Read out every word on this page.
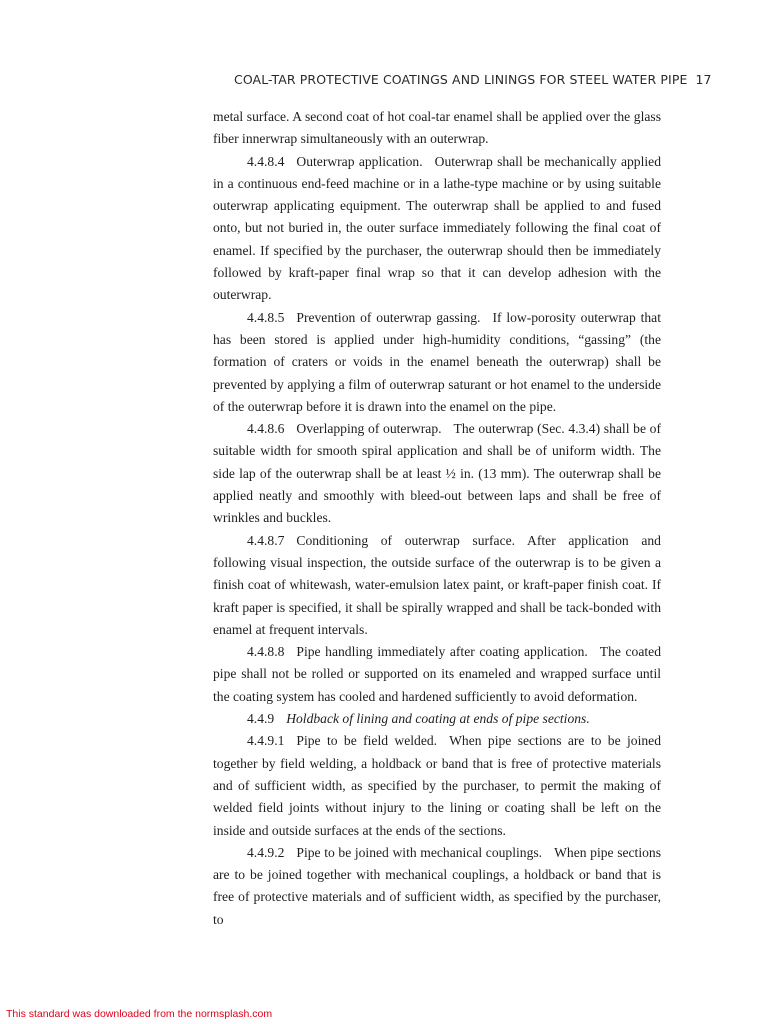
COAL-TAR PROTECTIVE COATINGS AND LININGS FOR STEEL WATER PIPE 17

metal surface. A second coat of hot coal-tar enamel shall be applied over the glass fiber innerwrap simultaneously with an outerwrap.

4.4.8.4 Outerwrap application. Outerwrap shall be mechanically applied in a continuous end-feed machine or in a lathe-type machine or by using suitable outerwrap applicating equipment. The outerwrap shall be applied to and fused onto, but not buried in, the outer surface immediately following the final coat of enamel. If specified by the purchaser, the outerwrap should then be immediately followed by kraft-paper final wrap so that it can develop adhesion with the outerwrap.

4.4.8.5 Prevention of outerwrap gassing. If low-porosity outerwrap that has been stored is applied under high-humidity conditions, “gassing” (the formation of craters or voids in the enamel beneath the outerwrap) shall be prevented by applying a film of outerwrap saturant or hot enamel to the underside of the outerwrap before it is drawn into the enamel on the pipe.

4.4.8.6 Overlapping of outerwrap. The outerwrap (Sec. 4.3.4) shall be of suitable width for smooth spiral application and shall be of uniform width. The side lap of the outerwrap shall be at least ½ in. (13 mm). The outerwrap shall be applied neatly and smoothly with bleed-out between laps and shall be free of wrinkles and buckles.

4.4.8.7 Conditioning of outerwrap surface. After application and following visual inspection, the outside surface of the outerwrap is to be given a finish coat of whitewash, water-emulsion latex paint, or kraft-paper finish coat. If kraft paper is specified, it shall be spirally wrapped and shall be tack-bonded with enamel at frequent intervals.

4.4.8.8 Pipe handling immediately after coating application. The coated pipe shall not be rolled or supported on its enameled and wrapped surface until the coating system has cooled and hardened sufficiently to avoid deformation.

4.4.9 Holdback of lining and coating at ends of pipe sections.

4.4.9.1 Pipe to be field welded. When pipe sections are to be joined together by field welding, a holdback or band that is free of protective materials and of sufficient width, as specified by the purchaser, to permit the making of welded field joints without injury to the lining or coating shall be left on the inside and outside surfaces at the ends of the sections.

4.4.9.2 Pipe to be joined with mechanical couplings. When pipe sections are to be joined together with mechanical couplings, a holdback or band that is free of protective materials and of sufficient width, as specified by the purchaser, to

This standard was downloaded from the normsplash.com
